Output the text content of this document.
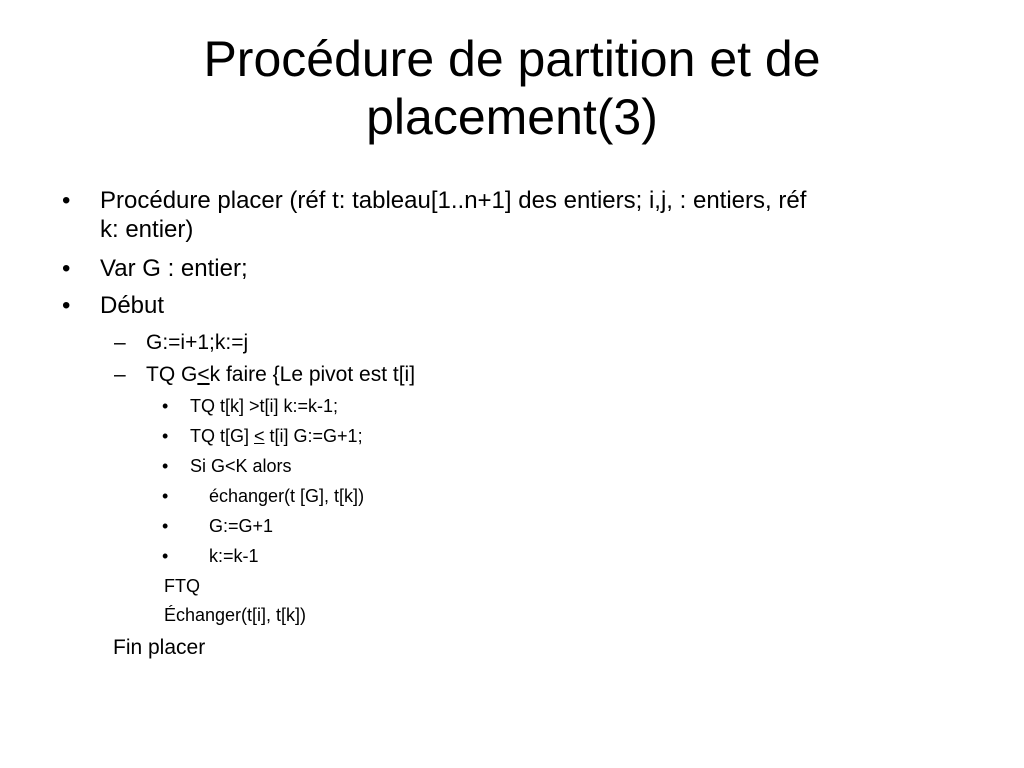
Procédure de partition et de
placement(3)
• Procédure placer (réf t: tableau[1..n+1] des entiers; i,j, : entiers, réf
k: entier)
• Var G : entier;
• Début
– G:=i+1;k:=j
– TQ G<k faire {Le pivot est t[i]
• TQ t[k] >t[i] k:=k-1;
• TQ t[G] < t[i] G:=G+1;
• Si G<K alors
• échanger(t [G], t[k])
• G:=G+1
• k:=k-1
FTQ
Échanger(t[i], t[k])
Fin placer
